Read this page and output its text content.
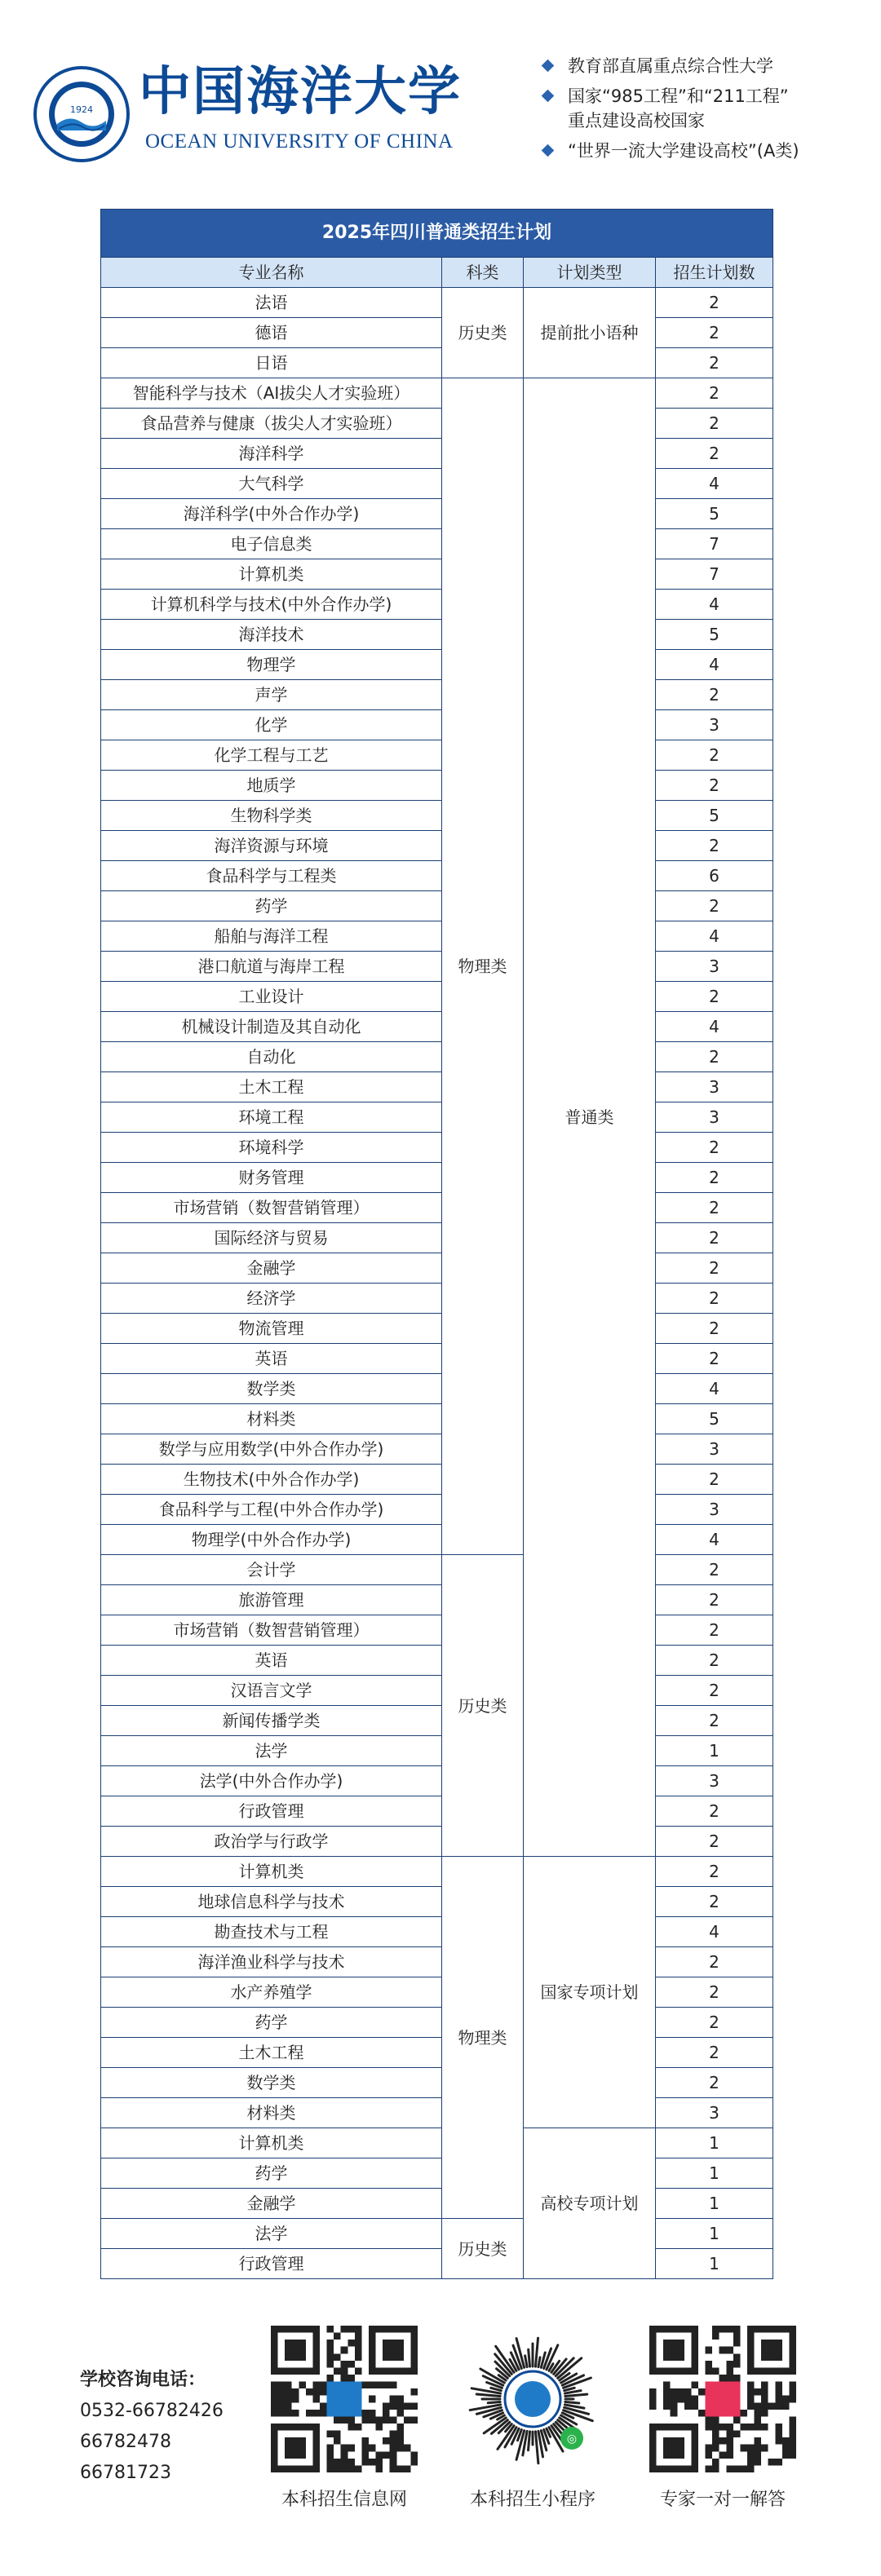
1924 中国海洋大学
OCEAN UNIVERSITY OF CHINA
教育部直属重点综合性大学
国家“985工程”和“211工程”
重点建设高校国家
“世界一流大学建设高校”(A类)
2025年四川普通类招生计划			
专业名称	科类	计划类型	招生计划数
法语	历史类	提前批小语种	2
德语			2
日语			2
智能科学与技术（AI拔尖人才实验班）	物理类	普通类	2
食品营养与健康（拔尖人才实验班）			2
海洋科学			2
大气科学			4
海洋科学(中外合作办学)			5
电子信息类			7
计算机类			7
计算机科学与技术(中外合作办学)			4
海洋技术			5
物理学			4
声学			2
化学			3
化学工程与工艺			2
地质学			2
生物科学类			5
海洋资源与环境			2
食品科学与工程类			6
药学			2
船舶与海洋工程			4
港口航道与海岸工程			3
工业设计			2
机械设计制造及其自动化			4
自动化			2
土木工程			3
环境工程			3
环境科学			2
财务管理			2
市场营销（数智营销管理）			2
国际经济与贸易			2
金融学			2
经济学			2
物流管理			2
英语			2
数学类			4
材料类			5
数学与应用数学(中外合作办学)			3
生物技术(中外合作办学)			2
食品科学与工程(中外合作办学)			3
物理学(中外合作办学)			4
会计学	历史类		2
旅游管理			2
市场营销（数智营销管理）			2
英语			2
汉语言文学			2
新闻传播学类			2
法学			1
法学(中外合作办学)			3
行政管理			2
政治学与行政学			2
计算机类	物理类	国家专项计划	2
地球信息科学与技术			2
勘查技术与工程			4
海洋渔业科学与技术			2
水产养殖学			2
药学			2
土木工程			2
数学类			2
材料类			3
计算机类		高校专项计划	1
药学			1
金融学			1
法学	历史类		1
行政管理			1
学校咨询电话：
0532-66782426
66782478
66781723
本科招生信息网
◎
本科招生小程序	专家一对一解答
